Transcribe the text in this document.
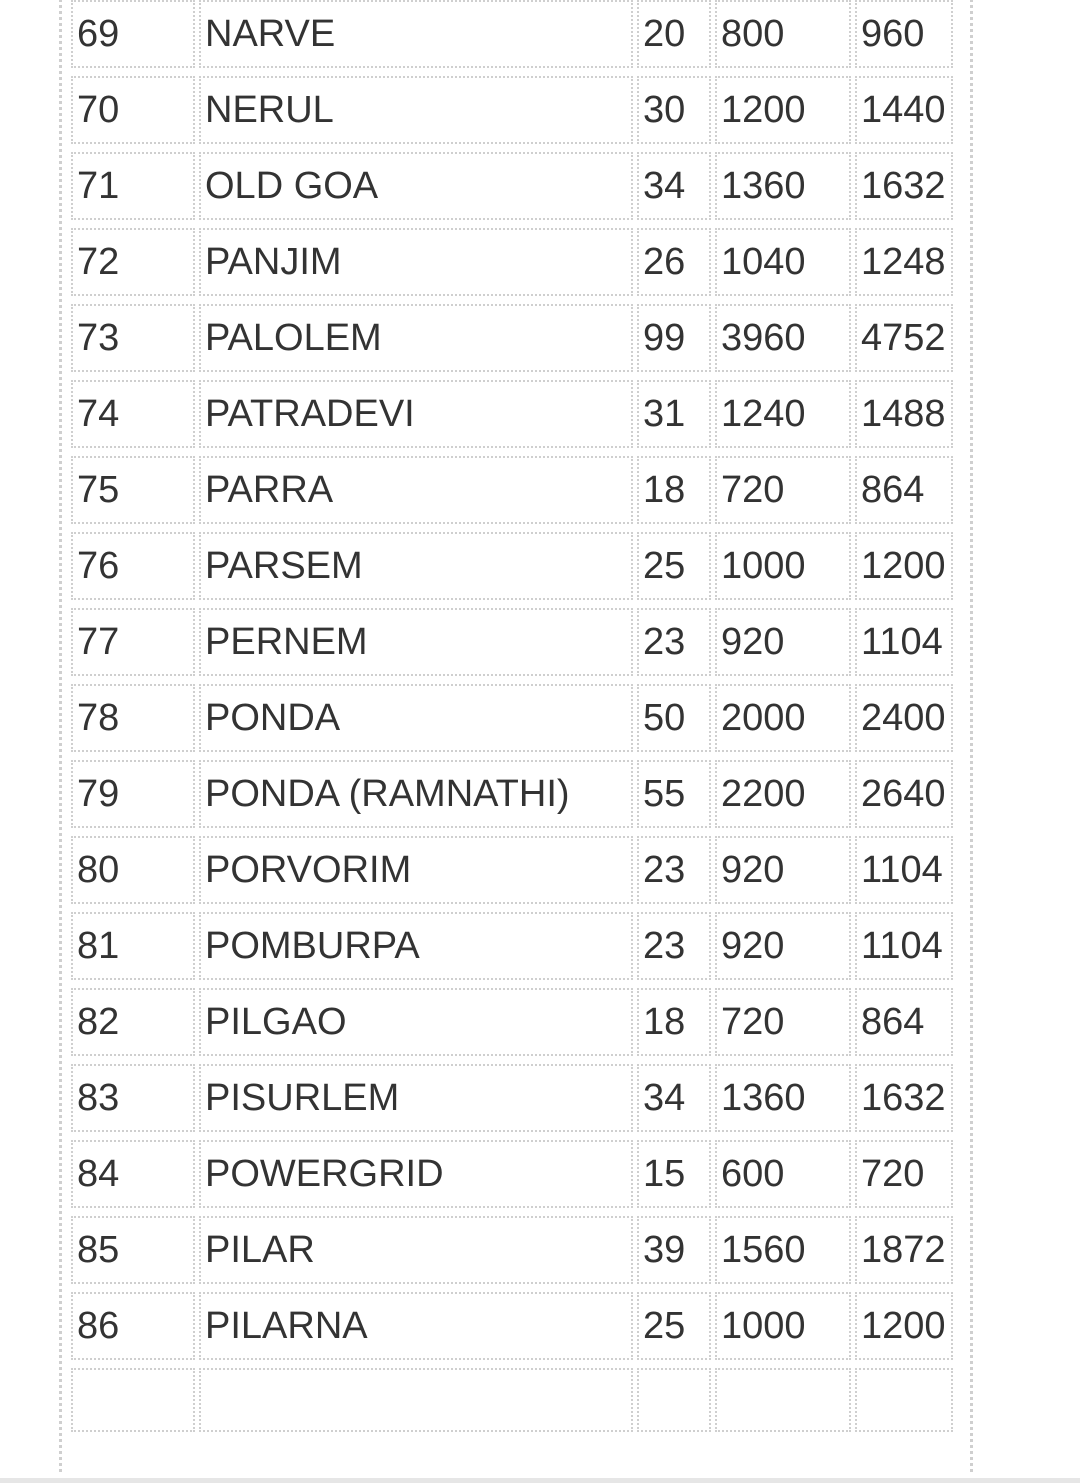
69	NARVE	20	800	960
70	NERUL	30	1200	1440
71	OLD GOA	34	1360	1632
72	PANJIM	26	1040	1248
73	PALOLEM	99	3960	4752
74	PATRADEVI	31	1240	1488
75	PARRA	18	720	864
76	PARSEM	25	1000	1200
77	PERNEM	23	920	1104
78	PONDA	50	2000	2400
79	PONDA (RAMNATHI)	55	2200	2640
80	PORVORIM	23	920	1104
81	POMBURPA	23	920	1104
82	PILGAO	18	720	864
83	PISURLEM	34	1360	1632
84	POWERGRID	15	600	720
85	PILAR	39	1560	1872
86	PILARNA	25	1000	1200
